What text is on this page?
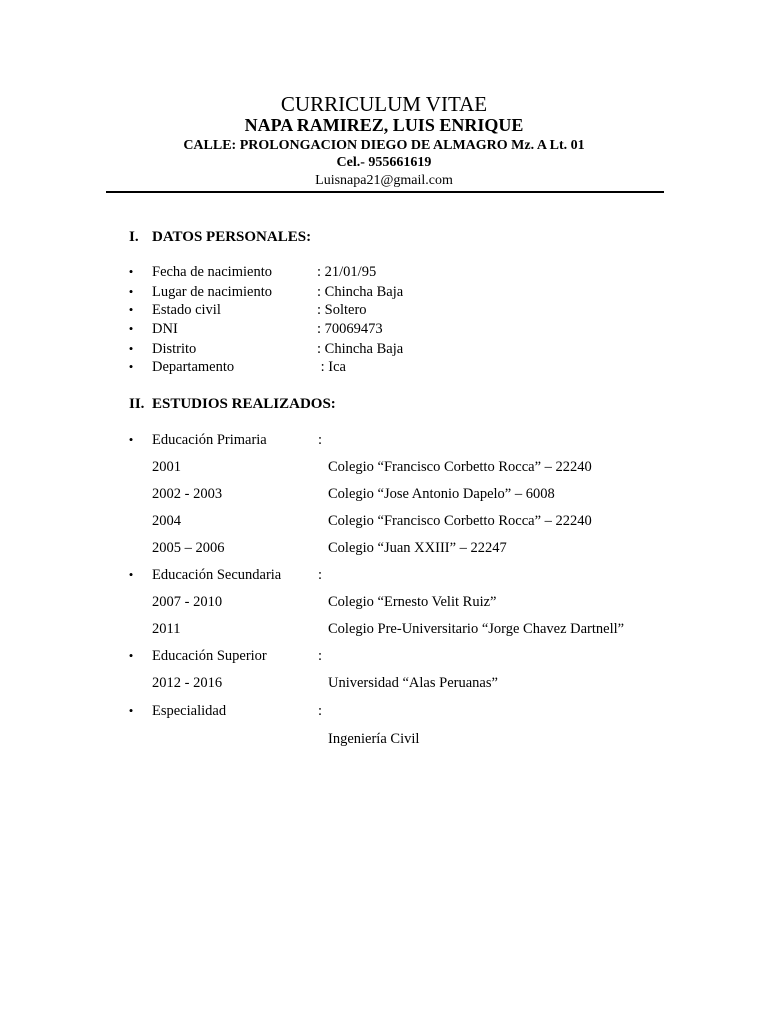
CURRICULUM VITAE
NAPA RAMIREZ, LUIS ENRIQUE
CALLE: PROLONGACION DIEGO DE ALMAGRO Mz. A Lt. 01
Cel.- 955661619
Luisnapa21@gmail.com
I. DATOS PERSONALES:
• Fecha de nacimiento	: 21/01/95
• Lugar de nacimiento	: Chincha Baja
• Estado civil	: Soltero
• DNI	: 70069473
• Distrito	: Chincha Baja
• Departamento	: Ica
II. ESTUDIOS REALIZADOS:
• Educación Primaria	:
2001	Colegio “Francisco Corbetto Rocca” – 22240
2002 - 2003	Colegio “Jose Antonio Dapelo” – 6008
2004	Colegio “Francisco Corbetto Rocca” – 22240
2005 – 2006	Colegio “Juan XXIII” – 22247
• Educación Secundaria	:
2007 - 2010	Colegio “Ernesto Velit Ruiz”
2011	Colegio Pre-Universitario “Jorge Chavez Dartnell”
• Educación Superior	:
2012 - 2016	Universidad “Alas Peruanas”
• Especialidad	:
Ingeniería Civil
